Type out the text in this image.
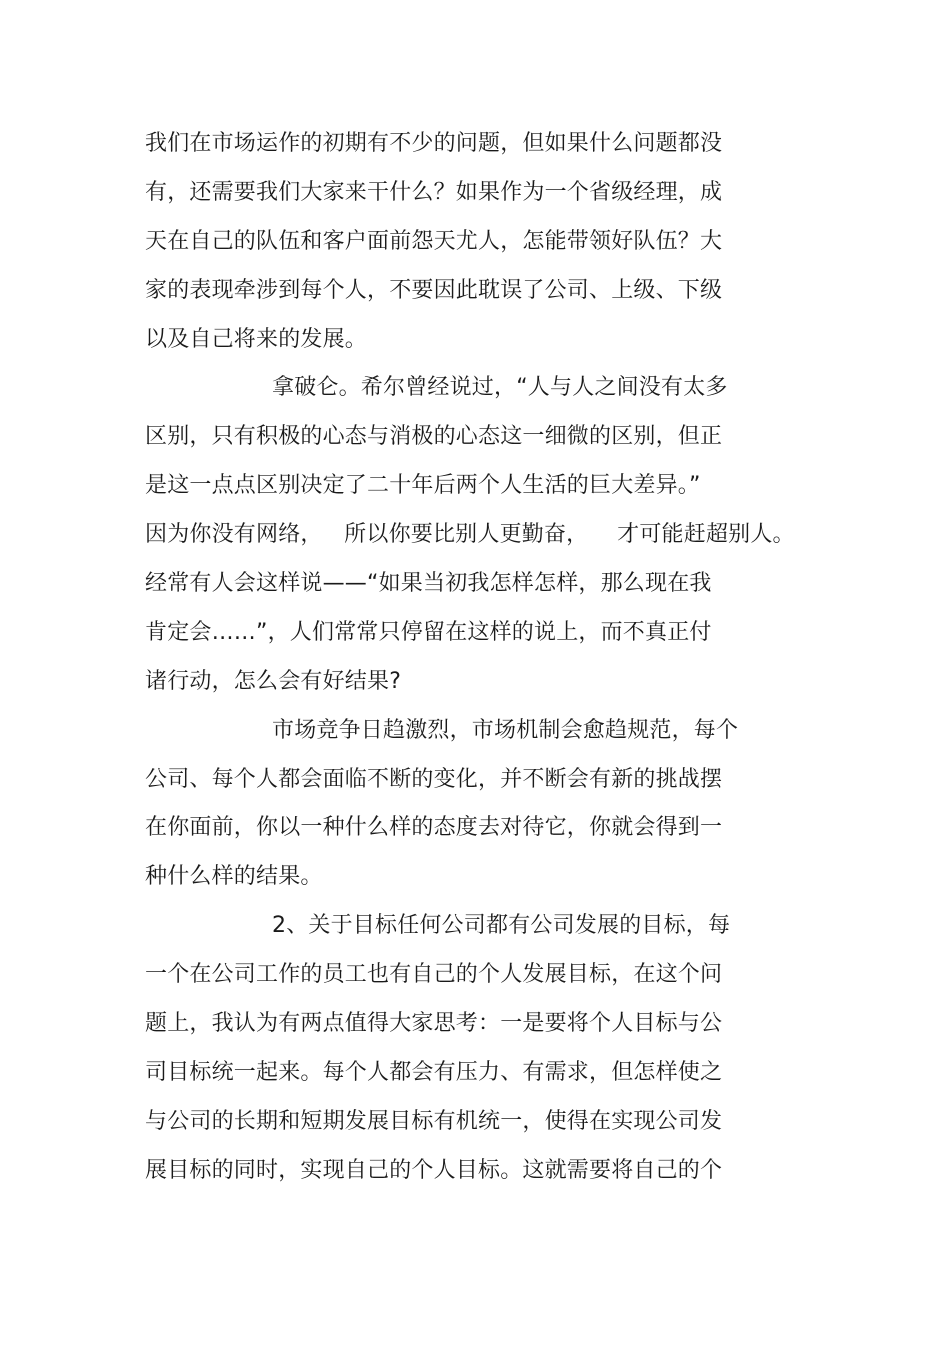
我们在市场运作的初期有不少的问题，但如果什么问题都没
有，还需要我们大家来干什么？如果作为一个省级经理，成
天在自己的队伍和客户面前怨天尤人，怎能带领好队伍？大
家的表现牵涉到每个人，不要因此耽误了公司、上级、下级
以及自己将来的发展。
拿破仑。希尔曾经说过，“人与人之间没有太多
区别，只有积极的心态与消极的心态这一细微的区别，但正
是这一点点区别决定了二十年后两个人生活的巨大差异。”
因为你没有网络，   所以你要比别人更勤奋，    才可能赶超别人。
经常有人会这样说——“如果当初我怎样怎样，那么现在我
肯定会……”，人们常常只停留在这样的说上，而不真正付
诸行动，怎么会有好结果?
市场竞争日趋激烈，市场机制会愈趋规范，每个
公司、每个人都会面临不断的变化，并不断会有新的挑战摆
在你面前，你以一种什么样的态度去对待它，你就会得到一
种什么样的结果。
2、关于目标任何公司都有公司发展的目标，每
一个在公司工作的员工也有自己的个人发展目标，在这个问
题上，我认为有两点值得大家思考：一是要将个人目标与公
司目标统一起来。每个人都会有压力、有需求，但怎样使之
与公司的长期和短期发展目标有机统一，使得在实现公司发
展目标的同时，实现自己的个人目标。这就需要将自己的个
